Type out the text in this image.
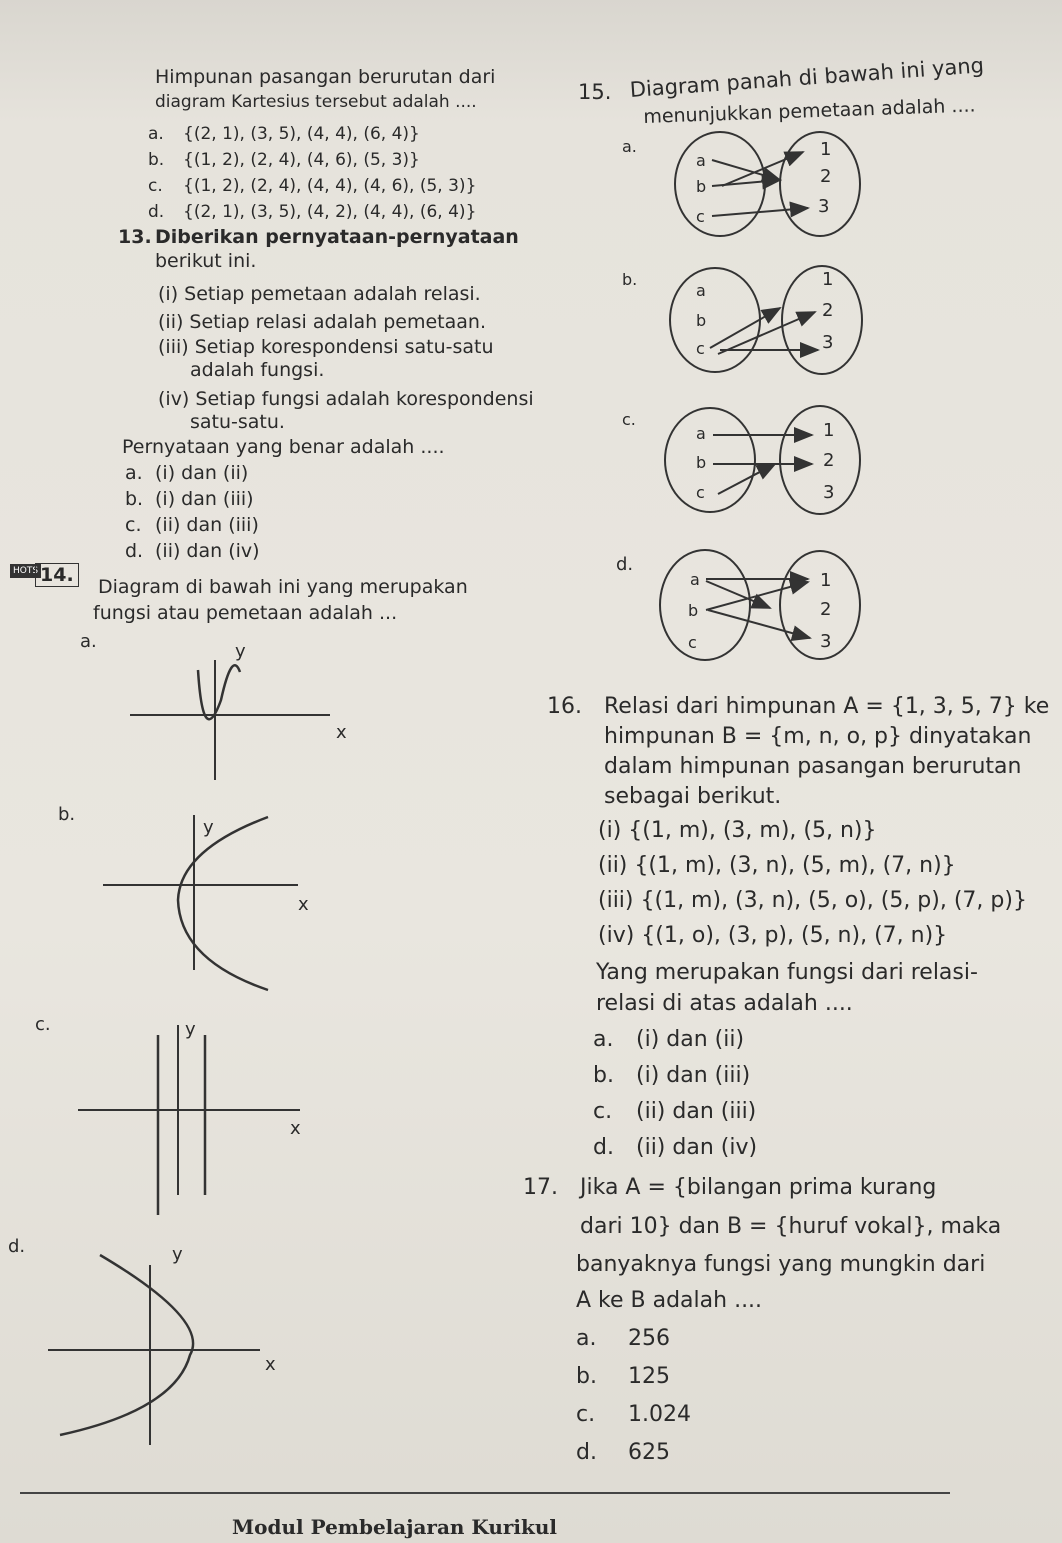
Himpunan pasangan berurutan dari
diagram Kartesius tersebut adalah ....
a. {(2, 1), (3, 5), (4, 4), (6, 4)}
b. {(1, 2), (2, 4), (4, 6), (5, 3)}
c. {(1, 2), (2, 4), (4, 4), (4, 6), (5, 3)}
d. {(2, 1), (3, 5), (4, 2), (4, 4), (6, 4)}
13. Diberikan pernyataan-pernyataan
berikut ini.
(i) Setiap pemetaan adalah relasi.
(ii) Setiap relasi adalah pemetaan.
(iii) Setiap korespondensi satu-satu
adalah fungsi.
(iv) Setiap fungsi adalah korespondensi
satu-satu.
Pernyataan yang benar adalah ....
a. (i) dan (ii)
b. (i) dan (iii)
c. (ii) dan (iii)
d. (ii) dan (iv)
HOTS 14.
Diagram di bawah ini yang merupakan
fungsi atau pemetaan adalah ...
a.	y
x
b.
y
x
c.	y
x
d.	y
x
15. Diagram panah di bawah ini yang
menunjukkan pemetaan adalah ....
a.
a
b
c
1
2
3
b.
a
b
c
1
2
3
c.
a
b
c
1
2
3
d.
a
b
c
1
2
3
16. Relasi dari himpunan A = {1, 3, 5, 7} ke
himpunan B = {m, n, o, p} dinyatakan
dalam himpunan pasangan berurutan
sebagai berikut.
(i) {(1, m), (3, m), (5, n)}
(ii) {(1, m), (3, n), (5, m), (7, n)}
(iii) {(1, m), (3, n), (5, o), (5, p), (7, p)}
(iv) {(1, o), (3, p), (5, n), (7, n)}
Yang merupakan fungsi dari relasi-
relasi di atas adalah ....
a. (i) dan (ii)
b. (i) dan (iii)
c. (ii) dan (iii)
d. (ii) dan (iv)
17. Jika A = {bilangan prima kurang
dari 10} dan B = {huruf vokal}, maka
banyaknya fungsi yang mungkin dari
A ke B adalah ....
a. 256
b. 125
c. 1.024
d. 625
Modul Pembelajaran Kurikul
